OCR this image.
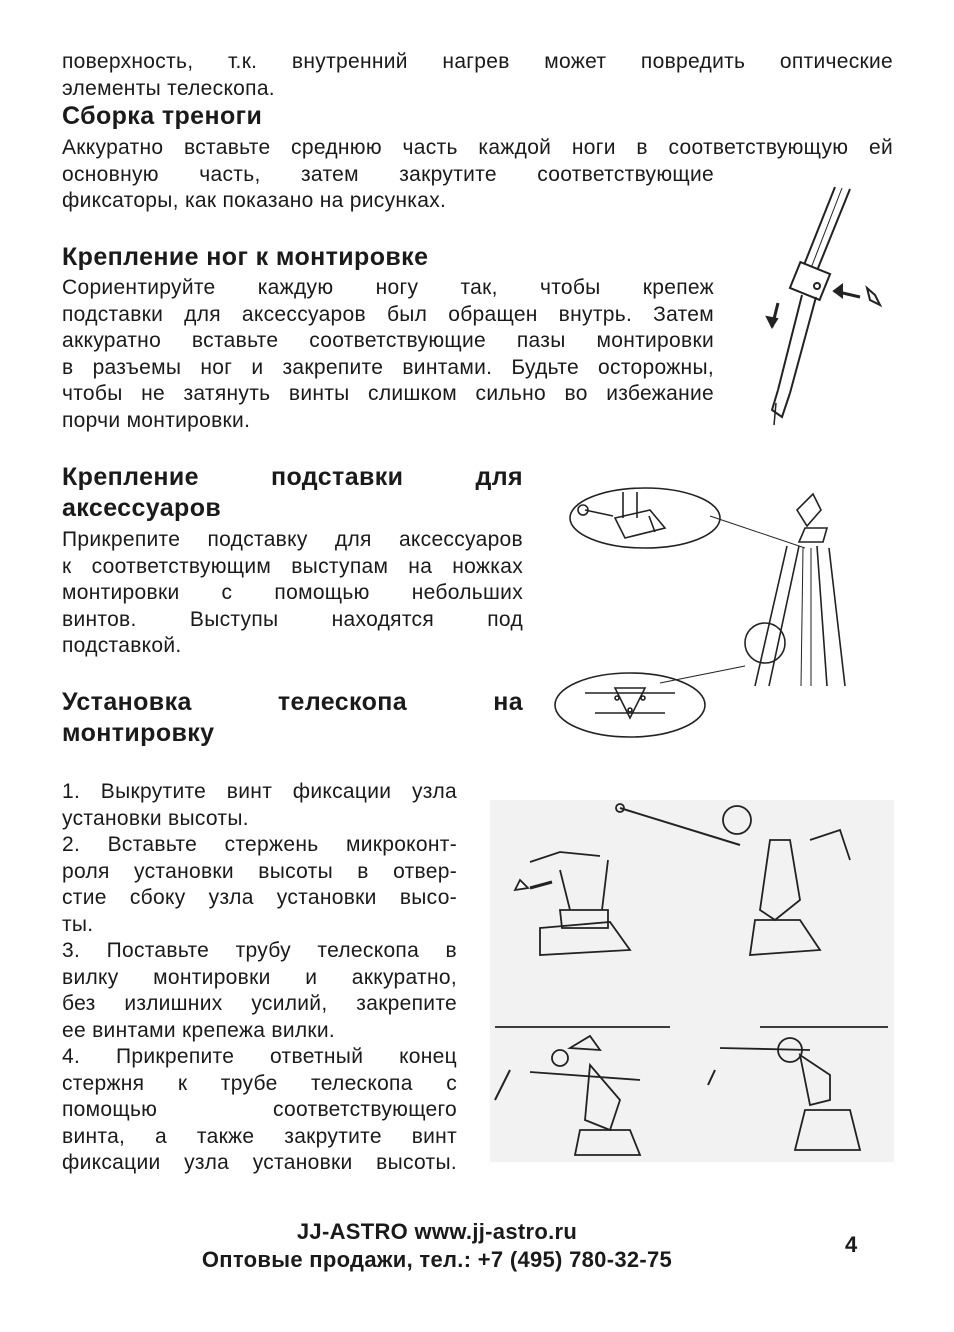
поверхность, т.к. внутренний нагрев может повредить оптические
элементы телескопа.
Сборка треноги
Аккуратно вставьте среднюю часть каждой ноги в соответствующую ей
основную часть, затем закрутите соответствующие
фиксаторы, как показано на рисунках.
Крепление ног к монтировке
Сориентируйте каждую ногу так, чтобы крепеж
подставки для аксессуаров был обращен внутрь. Затем
аккуратно вставьте соответствующие пазы монтировки
в разъемы ног и закрепите винтами. Будьте осторожны,
чтобы не затянуть винты слишком сильно во избежание
порчи монтировки.
Крепление подставки для
аксессуаров
Прикрепите подставку для аксессуаров
к соответствующим выступам на ножках
монтировки с помощью небольших
винтов. Выступы находятся под
подставкой.
Установка телескопа на
монтировку
1. Выкрутите винт фиксации узла
установки высоты.
2. Вставьте стержень микроконт-
роля установки высоты в отвер-
стие сбоку узла установки высо-
ты.
3. Поставьте трубу телескопа в
вилку монтировки и аккуратно,
без излишних усилий, закрепите
ее винтами крепежа вилки.
4. Прикрепите ответный конец
стержня к трубе телескопа с
помощью соответствующего
винта, а также закрутите винт
фиксации узла установки высоты.
JJ-ASTRO www.jj-astro.ru
Оптовые продажи, тел.: +7 (495) 780-32-75
4
